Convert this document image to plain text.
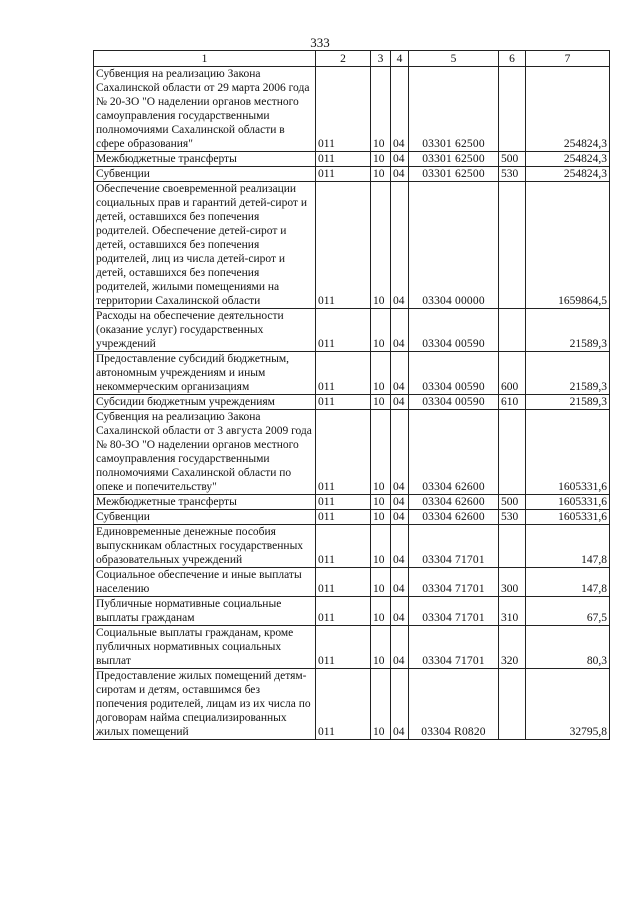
333
1	2	3	4	5	6	7
Субвенция на реализацию Закона Сахалинской области от 29 марта 2006 года № 20-ЗО "О наделении органов местного самоуправления государственными полномочиями Сахалинской области в сфере образования"	011	10	04	03301 62500		254824,3
Межбюджетные трансферты	011	10	04	03301 62500	500	254824,3
Субвенции	011	10	04	03301 62500	530	254824,3
Обеспечение своевременной реализации социальных прав и гарантий детей-сирот и детей, оставшихся без попечения родителей. Обеспечение детей-сирот и детей, оставшихся без попечения родителей, лиц из числа детей-сирот и детей, оставшихся без попечения родителей, жилыми помещениями на территории Сахалинской области	011	10	04	03304 00000		1659864,5
Расходы на обеспечение деятельности (оказание услуг) государственных учреждений	011	10	04	03304 00590		21589,3
Предоставление субсидий бюджетным, автономным учреждениям и иным некоммерческим организациям	011	10	04	03304 00590	600	21589,3
Субсидии бюджетным учреждениям	011	10	04	03304 00590	610	21589,3
Субвенция на реализацию Закона Сахалинской области от 3 августа 2009 года № 80-ЗО "О наделении органов местного самоуправления государственными полномочиями Сахалинской области по опеке и попечительству"	011	10	04	03304 62600		1605331,6
Межбюджетные трансферты	011	10	04	03304 62600	500	1605331,6
Субвенции	011	10	04	03304 62600	530	1605331,6
Единовременные денежные пособия выпускникам областных государственных образовательных учреждений	011	10	04	03304 71701		147,8
Социальное обеспечение и иные выплаты населению	011	10	04	03304 71701	300	147,8
Публичные нормативные социальные выплаты гражданам	011	10	04	03304 71701	310	67,5
Социальные выплаты гражданам, кроме публичных нормативных социальных выплат	011	10	04	03304 71701	320	80,3
Предоставление жилых помещений детям-сиротам и детям, оставшимся без попечения родителей, лицам из их числа по договорам найма специализированных жилых помещений	011	10	04	03304 R0820		32795,8
